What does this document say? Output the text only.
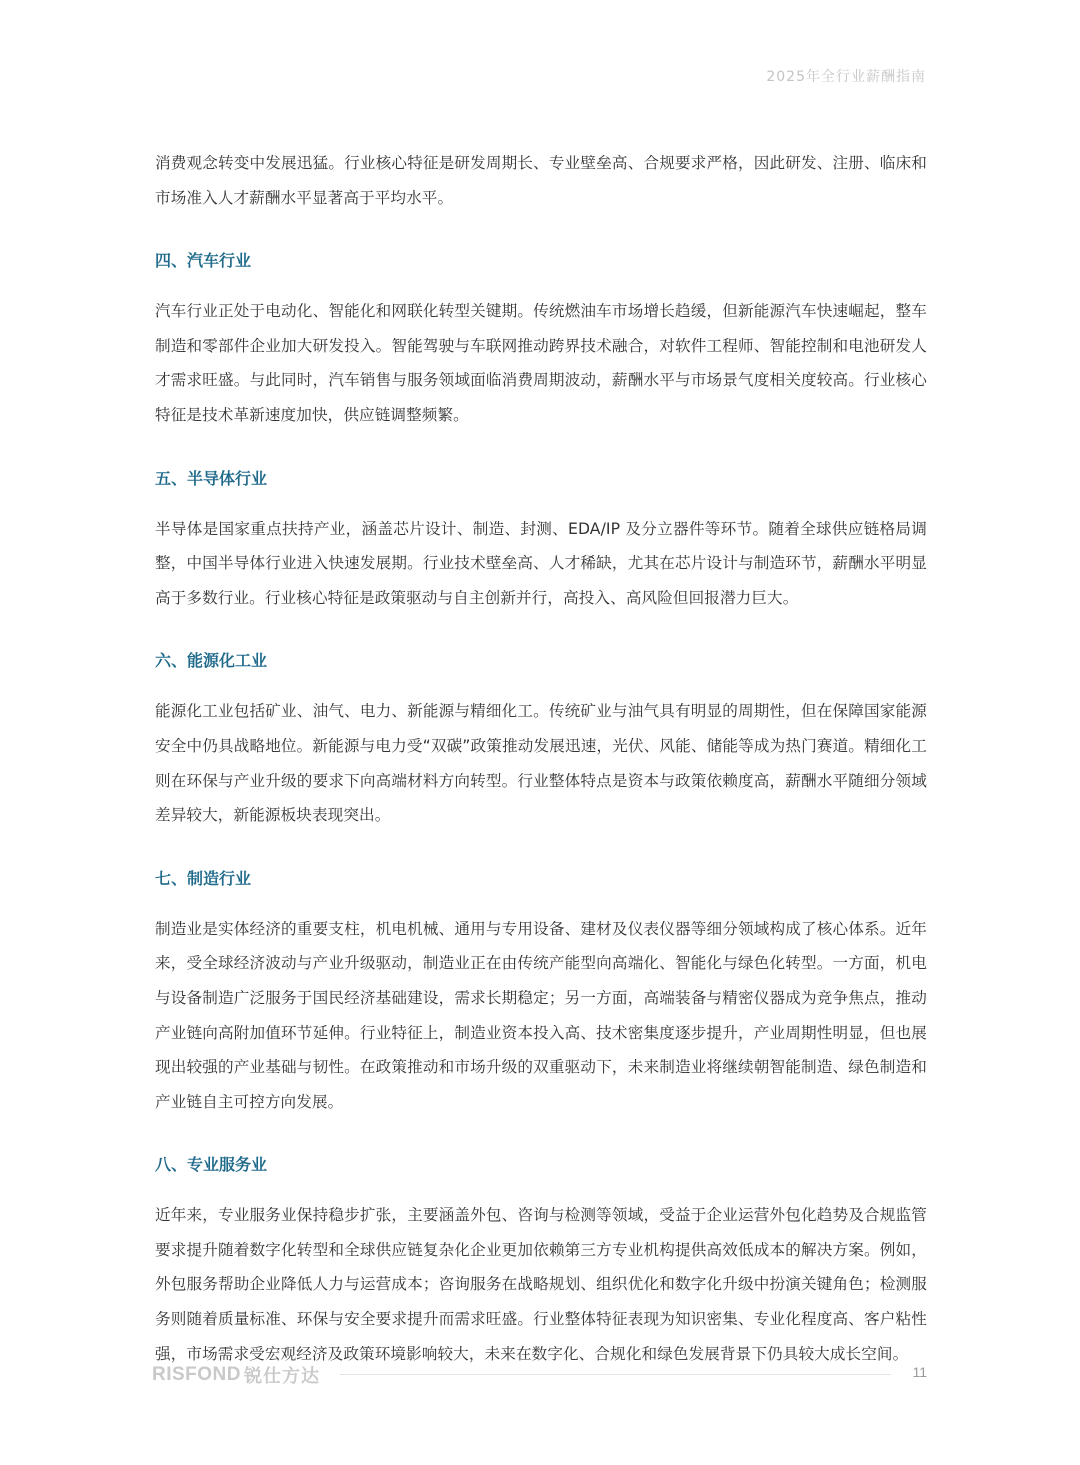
2025年全行业薪酬指南

消费观念转变中发展迅猛。行业核心特征是研发周期长、专业壁垒高、合规要求严格，因此研发、注册、临床和市场准入人才薪酬水平显著高于平均水平。

四、汽车行业

汽车行业正处于电动化、智能化和网联化转型关键期。传统燃油车市场增长趋缓，但新能源汽车快速崛起，整车制造和零部件企业加大研发投入。智能驾驶与车联网推动跨界技术融合，对软件工程师、智能控制和电池研发人才需求旺盛。与此同时，汽车销售与服务领域面临消费周期波动，薪酬水平与市场景气度相关度较高。行业核心特征是技术革新速度加快，供应链调整频繁。

五、半导体行业

半导体是国家重点扶持产业，涵盖芯片设计、制造、封测、EDA/IP 及分立器件等环节。随着全球供应链格局调整，中国半导体行业进入快速发展期。行业技术壁垒高、人才稀缺，尤其在芯片设计与制造环节，薪酬水平明显高于多数行业。行业核心特征是政策驱动与自主创新并行，高投入、高风险但回报潜力巨大。

六、能源化工业

能源化工业包括矿业、油气、电力、新能源与精细化工。传统矿业与油气具有明显的周期性，但在保障国家能源安全中仍具战略地位。新能源与电力受“双碳”政策推动发展迅速，光伏、风能、储能等成为热门赛道。精细化工则在环保与产业升级的要求下向高端材料方向转型。行业整体特点是资本与政策依赖度高，薪酬水平随细分领域差异较大，新能源板块表现突出。

七、制造行业

制造业是实体经济的重要支柱，机电机械、通用与专用设备、建材及仪表仪器等细分领域构成了核心体系。近年来，受全球经济波动与产业升级驱动，制造业正在由传统产能型向高端化、智能化与绿色化转型。一方面，机电与设备制造广泛服务于国民经济基础建设，需求长期稳定；另一方面，高端装备与精密仪器成为竞争焦点，推动产业链向高附加值环节延伸。行业特征上，制造业资本投入高、技术密集度逐步提升，产业周期性明显，但也展现出较强的产业基础与韧性。在政策推动和市场升级的双重驱动下，未来制造业将继续朝智能制造、绿色制造和产业链自主可控方向发展。

八、专业服务业

近年来，专业服务业保持稳步扩张，主要涵盖外包、咨询与检测等领域，受益于企业运营外包化趋势及合规监管要求提升随着数字化转型和全球供应链复杂化企业更加依赖第三方专业机构提供高效低成本的解决方案。例如，外包服务帮助企业降低人力与运营成本；咨询服务在战略规划、组织优化和数字化升级中扮演关键角色；检测服务则随着质量标准、环保与安全要求提升而需求旺盛。行业整体特征表现为知识密集、专业化程度高、客户粘性强，市场需求受宏观经济及政策环境影响较大，未来在数字化、合规化和绿色发展背景下仍具较大成长空间。

RISFOND 锐仕方达	11
